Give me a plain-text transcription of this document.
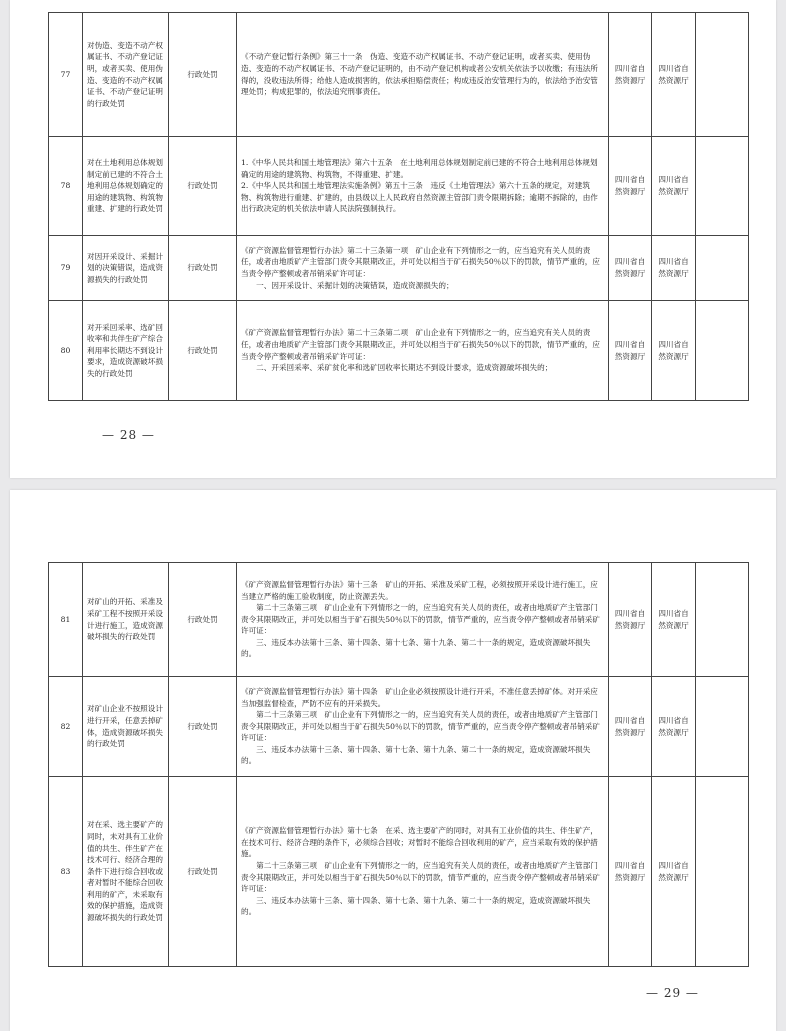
77	对伪造、变造不动产权属证书、不动产登记证明，或者买卖、使用伪造、变造的不动产权属证书、不动产登记证明的行政处罚	行政处罚	《不动产登记暂行条例》第三十一条　伪造、变造不动产权属证书、不动产登记证明，或者买卖、使用伪造、变造的不动产权属证书、不动产登记证明的，由不动产登记机构或者公安机关依法予以收缴；有违法所得的，没收违法所得；给他人造成损害的，依法承担赔偿责任；构成违反治安管理行为的，依法给予治安管理处罚；构成犯罪的，依法追究刑事责任。	四川省自然资源厅	四川省自然资源厅	
78	对在土地利用总体规划制定前已建的不符合土地利用总体规划确定的用途的建筑物、构筑物重建、扩建的行政处罚	行政处罚	1.《中华人民共和国土地管理法》第六十五条　在土地利用总体规划制定前已建的不符合土地利用总体规划确定的用途的建筑物、构筑物，不得重建、扩建。

2.《中华人民共和国土地管理法实施条例》第五十三条　违反《土地管理法》第六十五条的规定，对建筑物、构筑物进行重建、扩建的，由县级以上人民政府自然资源主管部门责令限期拆除；逾期不拆除的，由作出行政决定的机关依法申请人民法院强制执行。	四川省自然资源厅	四川省自然资源厅	
79	对因开采设计、采掘计划的决策错误，造成资源损失的行政处罚	行政处罚	《矿产资源监督管理暂行办法》第二十三条第一项　矿山企业有下列情形之一的，应当追究有关人员的责任，或者由地质矿产主管部门责令其限期改正，并可处以相当于矿石损失50％以下的罚款，情节严重的，应当责令停产整顿或者吊销采矿许可证：

　　一、因开采设计、采掘计划的决策错误，造成资源损失的；	四川省自然资源厅	四川省自然资源厅	
80	对开采回采率、选矿回收率和共伴生矿产综合利用率长期达不到设计要求，造成资源破坏损失的行政处罚	行政处罚	《矿产资源监督管理暂行办法》第二十三条第二项　矿山企业有下列情形之一的，应当追究有关人员的责任，或者由地质矿产主管部门责令其限期改正，并可处以相当于矿石损失50％以下的罚款，情节严重的，应当责令停产整顿或者吊销采矿许可证：

　　二、开采回采率、采矿贫化率和选矿回收率长期达不到设计要求，造成资源破坏损失的；	四川省自然资源厅	四川省自然资源厅	
— 28 —
81	对矿山的开拓、采准及采矿工程不按照开采设计进行施工，造成资源破坏损失的行政处罚	行政处罚	《矿产资源监督管理暂行办法》第十三条　矿山的开拓、采准及采矿工程，必须按照开采设计进行施工，应当建立严格的施工验收制度，防止资源丢失。

　　第二十三条第三项　矿山企业有下列情形之一的，应当追究有关人员的责任，或者由地质矿产主管部门责令其限期改正，并可处以相当于矿石损失50％以下的罚款，情节严重的，应当责令停产整顿或者吊销采矿许可证：

　　三、违反本办法第十三条、第十四条、第十七条、第十九条、第二十一条的规定，造成资源破坏损失的。	四川省自然资源厅	四川省自然资源厅	
82	对矿山企业不按照设计进行开采，任意丢掉矿体，造成资源破坏损失的行政处罚	行政处罚	《矿产资源监督管理暂行办法》第十四条　矿山企业必须按照设计进行开采，不准任意丢掉矿体。对开采应当加强监督检查，严防不应有的开采损失。

　　第二十三条第三项　矿山企业有下列情形之一的，应当追究有关人员的责任，或者由地质矿产主管部门责令其限期改正，并可处以相当于矿石损失50％以下的罚款，情节严重的，应当责令停产整顿或者吊销采矿许可证：

　　三、违反本办法第十三条、第十四条、第十七条、第十九条、第二十一条的规定，造成资源破坏损失的。	四川省自然资源厅	四川省自然资源厅	
83	对在采、选主要矿产的同时，未对具有工业价值的共生、伴生矿产在技术可行、经济合理的条件下进行综合回收或者对暂时不能综合回收利用的矿产，未采取有效的保护措施，造成资源破坏损失的行政处罚	行政处罚	《矿产资源监督管理暂行办法》第十七条　在采、选主要矿产的同时，对具有工业价值的共生、伴生矿产，在技术可行、经济合理的条件下，必须综合回收；对暂时不能综合回收利用的矿产，应当采取有效的保护措施。

　　第二十三条第三项　矿山企业有下列情形之一的，应当追究有关人员的责任，或者由地质矿产主管部门责令其限期改正，并可处以相当于矿石损失50％以下的罚款，情节严重的，应当责令停产整顿或者吊销采矿许可证：

　　三、违反本办法第十三条、第十四条、第十七条、第十九条、第二十一条的规定，造成资源破坏损失的。	四川省自然资源厅	四川省自然资源厅	
— 29 —
